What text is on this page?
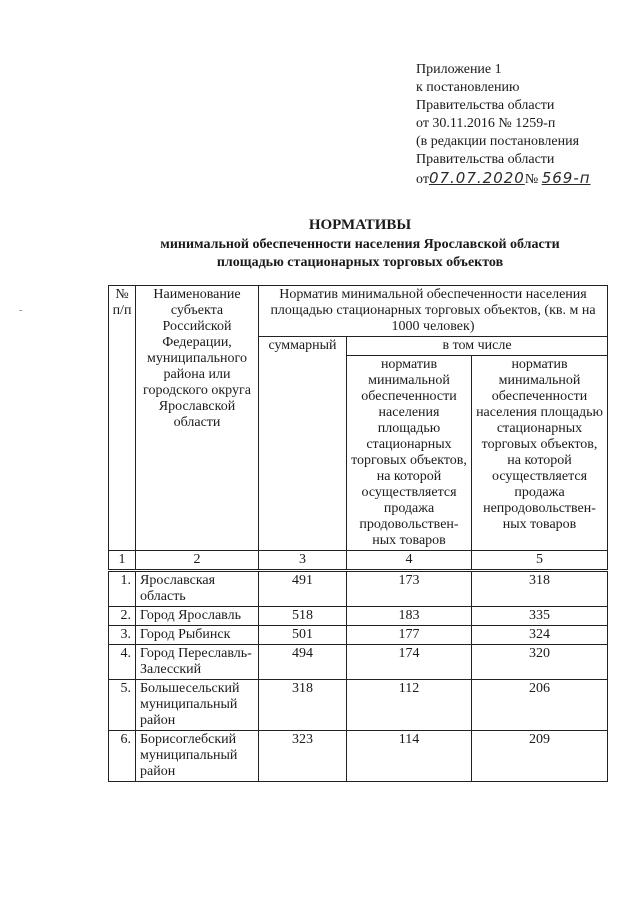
Приложение 1
к постановлению
Правительства области
от 30.11.2016 № 1259-п
(в редакции постановления
Правительства области
от07.07.2020№ 569-п
НОРМАТИВЫ
минимальной обеспеченности населения Ярославской области
площадью стационарных торговых объектов
-
№ п/п	Наименование субъекта Российской Федерации, муниципального района или городского округа Ярославской области	Норматив минимальной обеспеченности населения площадью стационарных торговых объектов, (кв. м на 1000 человек)		
		суммарный	в том числе	
			норматив минимальной обеспеченности населения площадью стационарных торговых объектов, на которой осуществляется продажа продовольствен-ных товаров	норматив минимальной обеспеченности населения площадью стационарных торговых объектов, на которой осуществляется продажа непродовольствен-ных товаров
1	2	3	4	5
1.	Ярославская область	491	173	318
2.	Город Ярославль	518	183	335
3.	Город Рыбинск	501	177	324
4.	Город Переславль-Залесский	494	174	320
5.	Большесельский муниципальный район	318	112	206
6.	Борисоглебский муниципальный район	323	114	209
